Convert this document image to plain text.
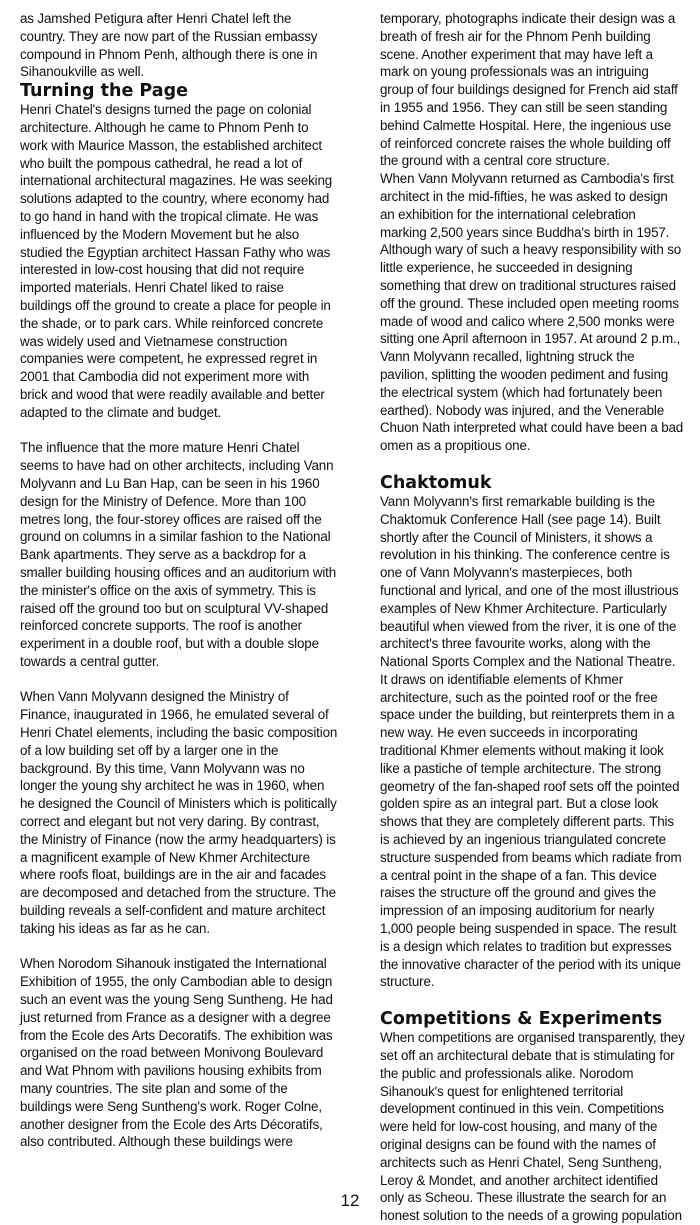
as Jamshed Petigura after Henri Chatel left the country. They are now part of the Russian embassy compound in Phnom Penh, although there is one in Sihanoukville as well.

Turning the Page

Henri Chatel's designs turned the page on colonial architecture. Although he came to Phnom Penh to work with Maurice Masson, the established architect who built the pompous cathedral, he read a lot of international architectural magazines. He was seeking solutions adapted to the country, where economy had to go hand in hand with the tropical climate. He was influenced by the Modern Movement but he also studied the Egyptian architect Hassan Fathy who was interested in low-cost housing that did not require imported materials. Henri Chatel liked to raise buildings off the ground to create a place for people in the shade, or to park cars. While reinforced concrete was widely used and Vietnamese construction companies were competent, he expressed regret in 2001 that Cambodia did not experiment more with brick and wood that were readily available and better adapted to the climate and budget.

The influence that the more mature Henri Chatel seems to have had on other architects, including Vann Molyvann and Lu Ban Hap, can be seen in his 1960 design for the Ministry of Defence. More than 100 metres long, the four-storey offices are raised off the ground on columns in a similar fashion to the National Bank apartments. They serve as a backdrop for a smaller building housing offices and an auditorium with the minister's office on the axis of symmetry. This is raised off the ground too but on sculptural VV-shaped reinforced concrete supports. The roof is another experiment in a double roof, but with a double slope towards a central gutter.

When Vann Molyvann designed the Ministry of Finance, inaugurated in 1966, he emulated several of Henri Chatel elements, including the basic composition of a low building set off by a larger one in the background. By this time, Vann Molyvann was no longer the young shy architect he was in 1960, when he designed the Council of Ministers which is politically correct and elegant but not very daring. By contrast, the Ministry of Finance (now the army headquarters) is a magnificent example of New Khmer Architecture where roofs float, buildings are in the air and facades are decomposed and detached from the structure. The building reveals a self-confident and mature architect taking his ideas as far as he can.

When Norodom Sihanouk instigated the International Exhibition of 1955, the only Cambodian able to design such an event was the young Seng Suntheng. He had just returned from France as a designer with a degree from the Ecole des Arts Decoratifs. The exhibition was organised on the road between Monivong Boulevard and Wat Phnom with pavilions housing exhibits from many countries. The site plan and some of the buildings were Seng Suntheng's work. Roger Colne, another designer from the Ecole des Arts Décoratifs, also contributed. Although these buildings were

temporary, photographs indicate their design was a breath of fresh air for the Phnom Penh building scene. Another experiment that may have left a mark on young professionals was an intriguing group of four buildings designed for French aid staff in 1955 and 1956. They can still be seen standing behind Calmette Hospital. Here, the ingenious use of reinforced concrete raises the whole building off the ground with a central core structure.

When Vann Molyvann returned as Cambodia's first architect in the mid-fifties, he was asked to design an exhibition for the international celebration marking 2,500 years since Buddha's birth in 1957. Although wary of such a heavy responsibility with so little experience, he succeeded in designing something that drew on traditional structures raised off the ground. These included open meeting rooms made of wood and calico where 2,500 monks were sitting one April afternoon in 1957. At around 2 p.m., Vann Molyvann recalled, lightning struck the pavilion, splitting the wooden pediment and fusing the electrical system (which had fortunately been earthed). Nobody was injured, and the Venerable Chuon Nath interpreted what could have been a bad omen as a propitious one.

Chaktomuk

Vann Molyvann's first remarkable building is the Chaktomuk Conference Hall (see page 14). Built shortly after the Council of Ministers, it shows a revolution in his thinking. The conference centre is one of Vann Molyvann's masterpieces, both functional and lyrical, and one of the most illustrious examples of New Khmer Architecture. Particularly beautiful when viewed from the river, it is one of the architect's three favourite works, along with the National Sports Complex and the National Theatre. It draws on identifiable elements of Khmer architecture, such as the pointed roof or the free space under the building, but reinterprets them in a new way. He even succeeds in incorporating traditional Khmer elements without making it look like a pastiche of temple architecture. The strong geometry of the fan-shaped roof sets off the pointed golden spire as an integral part. But a close look shows that they are completely different parts. This is achieved by an ingenious triangulated concrete structure suspended from beams which radiate from a central point in the shape of a fan. This device raises the structure off the ground and gives the impression of an imposing auditorium for nearly 1,000 people being suspended in space. The result is a design which relates to tradition but expresses the innovative character of the period with its unique structure.

Competitions & Experiments

When competitions are organised transparently, they set off an architectural debate that is stimulating for the public and professionals alike. Norodom Sihanouk's quest for enlightened territorial development continued in this vein. Competitions were held for low-cost housing, and many of the original designs can be found with the names of architects such as Henri Chatel, Seng Suntheng, Leroy & Mondet, and another architect identified only as Scheou. These illustrate the search for an honest solution to the needs of a growing population

12
